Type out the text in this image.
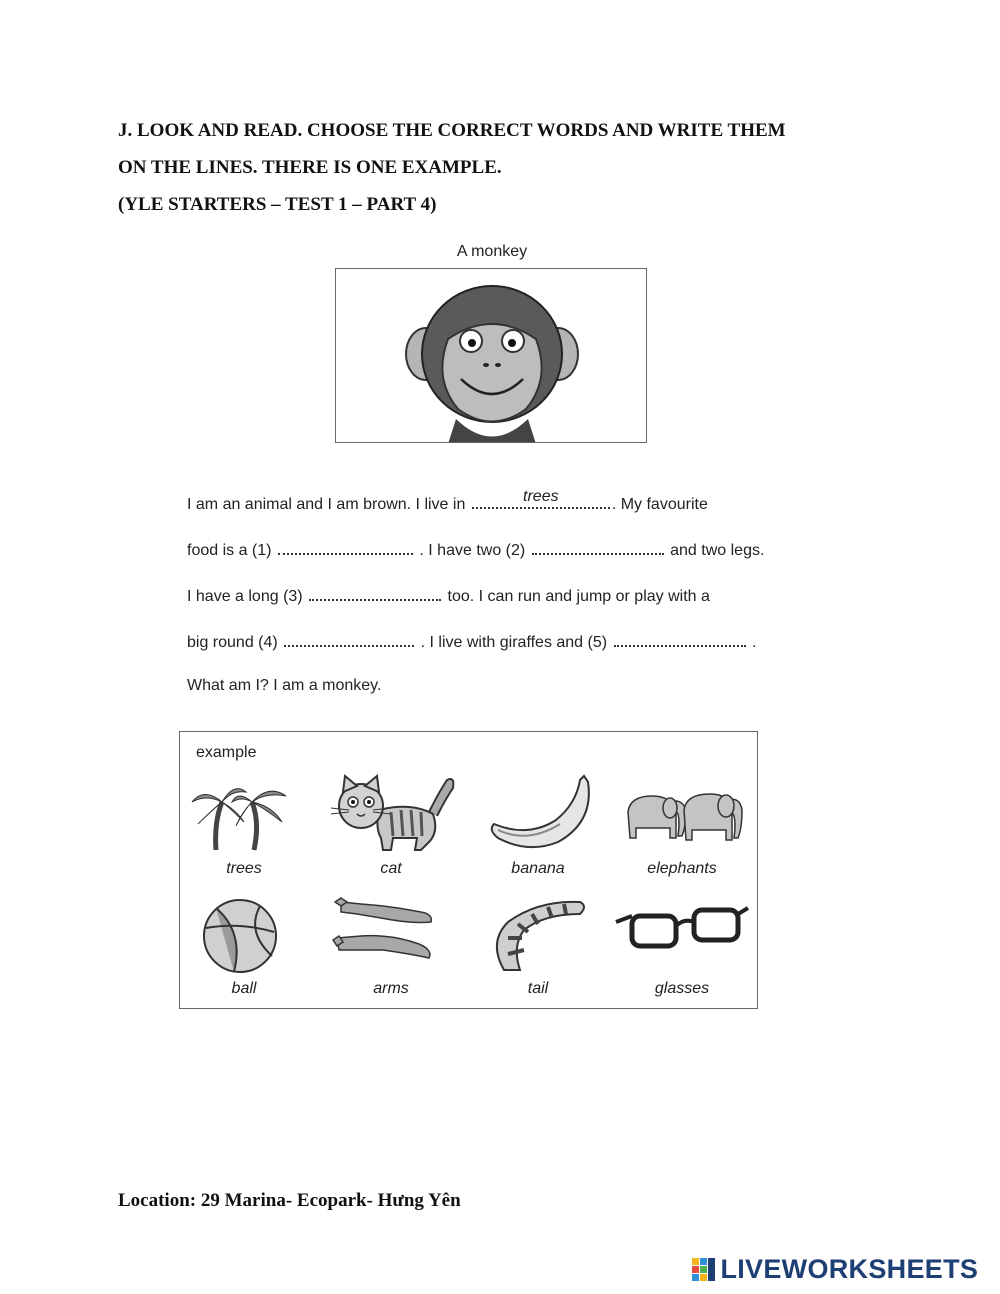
J. LOOK AND READ. CHOOSE THE CORRECT WORDS AND WRITE THEM
ON THE LINES. THERE IS ONE EXAMPLE.
(YLE STARTERS – TEST 1 – PART 4)
A monkey
I am an animal and I am brown. I live in	trees	. My favourite
food is a (1)	. I have two (2)	and two legs.
I have a long (3)	too. I can run and jump or play with a
big round (4)	. I live with giraffes and (5)	.
What am I? I am a monkey.
example
trees	cat	banana	elephants
ball	arms	tail	glasses
Location: 29 Marina- Ecopark- Hưng Yên
LIVEWORKSHEETS
